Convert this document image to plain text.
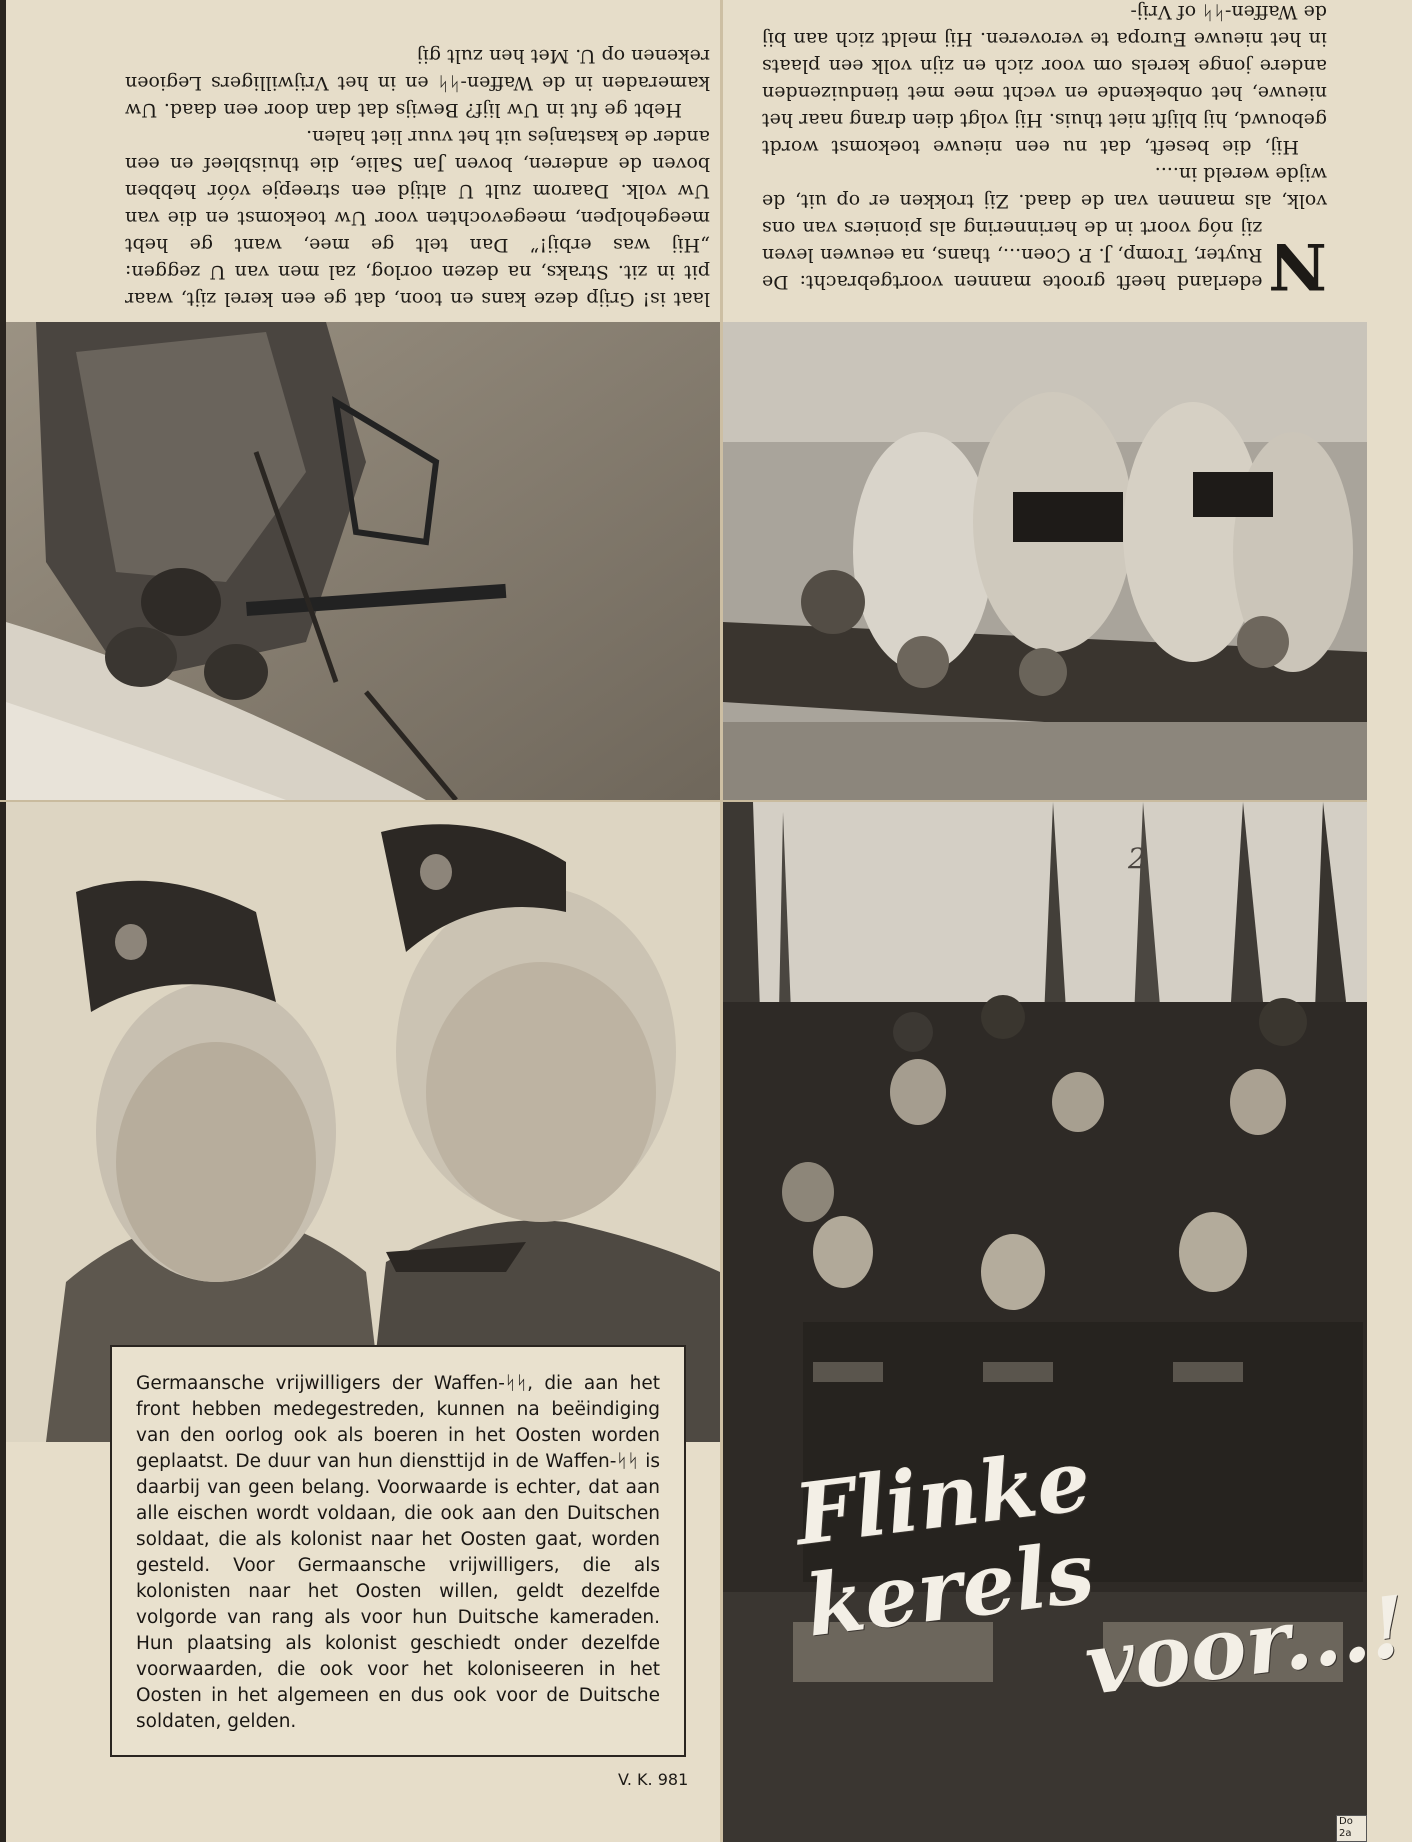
laat is! Grijp deze kans en toon, dat ge een kerel zijt, waar pit in zit. Straks, na dezen oorlog, zal men van U zeggen: „Hij was erbij!” Dan telt ge mee, want ge hebt meegeholpen, meegevochten voor Uw toekomst en die van Uw volk. Daarom zult U altijd een streepje vóór hebben boven de anderen, boven Jan Salie, die thuisbleef en een ander de kastanjes uit het vuur liet halen.

Hebt ge fut in Uw lijf? Bewijs dat dan door een daad. Uw kameraden in de Waffen-ᛋᛋ en in het Vrijwilligers Legioen rekenen op U. Met hen zult gij

N
ederland heeft groote mannen voortgebracht: De Ruyter, Tromp, J. P. Coen..., thans, na eeuwen leven zij nóg voort in de herinnering als pioniers van ons volk, als mannen van de daad. Zij trokken er op uit, de wijde wereld in....

Hij, die beseft, dat nu een nieuwe toekomst wordt gebouwd, hij blijft niet thuis. Hij volgt dien drang naar het nieuwe, het onbekende en vecht mee met tienduizenden andere jonge kerels om voor zich en zijn volk een plaats in het nieuwe Europa te veroveren. Hij meldt zich aan bij de Waffen-ᛋᛋ of Vrij-

2
Germaansche vrijwilligers der Waffen-ᛋᛋ, die aan het front hebben medegestreden, kunnen na beëindiging van den oorlog ook als boeren in het Oosten worden geplaatst. De duur van hun diensttijd in de Waffen-ᛋᛋ is daarbij van geen belang. Voorwaarde is echter, dat aan alle eischen wordt voldaan, die ook aan den Duitschen soldaat, die als kolonist naar het Oosten gaat, worden gesteld. Voor Germaansche vrijwilligers, die als kolonisten naar het Oosten willen, geldt dezelfde volgorde van rang als voor hun Duitsche kameraden. Hun plaatsing als kolonist geschiedt onder dezelfde voorwaarden, die ook voor het koloniseeren in het Oosten in het algemeen en dus ook voor de Duitsche soldaten, gelden.
V. K. 981
Flinke kerels
voor...!
Do
2a
